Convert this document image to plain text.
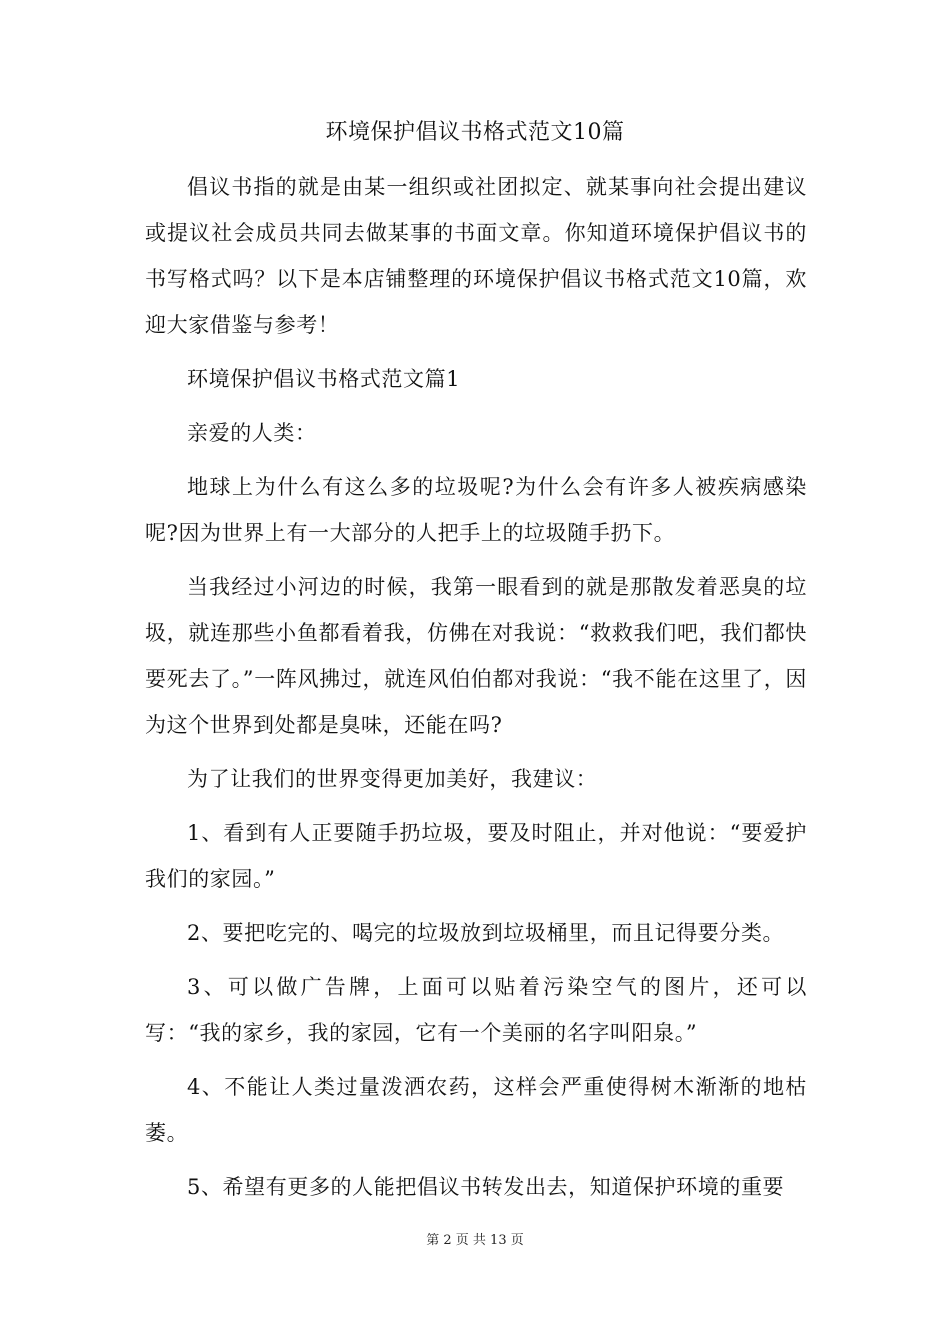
环境保护倡议书格式范文10篇

倡议书指的就是由某一组织或社团拟定、就某事向社会提出建议或提议社会成员共同去做某事的书面文章。你知道环境保护倡议书的书写格式吗？以下是本店铺整理的环境保护倡议书格式范文10篇，欢迎大家借鉴与参考！

环境保护倡议书格式范文篇1

亲爱的人类：

地球上为什么有这么多的垃圾呢?为什么会有许多人被疾病感染呢?因为世界上有一大部分的人把手上的垃圾随手扔下。

当我经过小河边的时候，我第一眼看到的就是那散发着恶臭的垃圾，就连那些小鱼都看着我，仿佛在对我说：“救救我们吧，我们都快要死去了。”一阵风拂过，就连风伯伯都对我说：“我不能在这里了，因为这个世界到处都是臭味，还能在吗?

为了让我们的世界变得更加美好，我建议：

1、看到有人正要随手扔垃圾，要及时阻止，并对他说：“要爱护我们的家园。”

2、要把吃完的、喝完的垃圾放到垃圾桶里，而且记得要分类。

3、可以做广告牌，上面可以贴着污染空气的图片，还可以写：“我的家乡，我的家园，它有一个美丽的名字叫阳泉。”

4、不能让人类过量泼洒农药，这样会严重使得树木渐渐的地枯萎。

5、希望有更多的人能把倡议书转发出去，知道保护环境的重要

第 2 页 共 13 页
